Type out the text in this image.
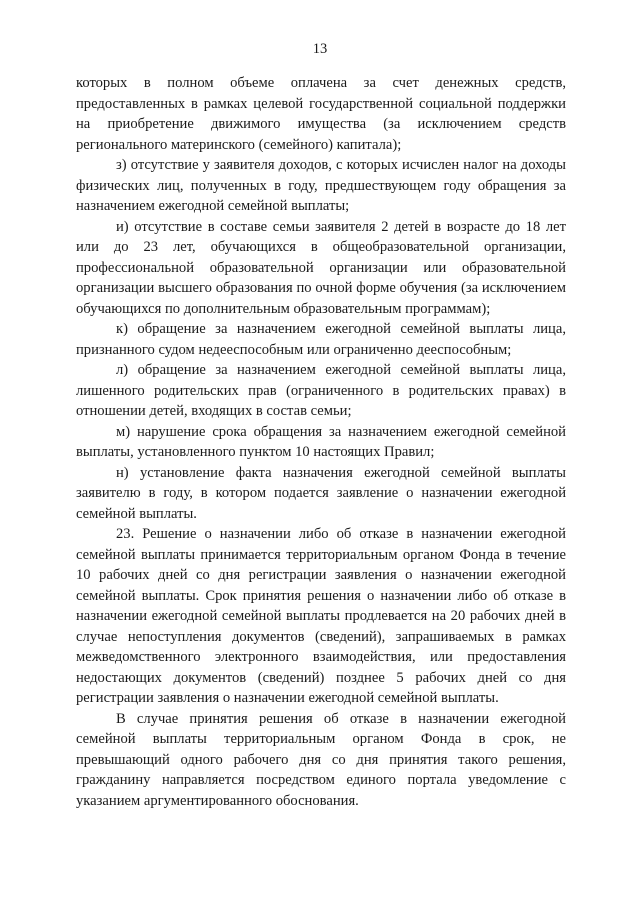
13

которых в полном объеме оплачена за счет денежных средств, предоставленных в рамках целевой государственной социальной поддержки на приобретение движимого имущества (за исключением средств регионального материнского (семейного) капитала);

з) отсутствие у заявителя доходов, с которых исчислен налог на доходы физических лиц, полученных в году, предшествующем году обращения за назначением ежегодной семейной выплаты;

и) отсутствие в составе семьи заявителя 2 детей в возрасте до 18 лет или до 23 лет, обучающихся в общеобразовательной организации, профессиональной образовательной организации или образовательной организации высшего образования по очной форме обучения (за исключением обучающихся по дополнительным образовательным программам);

к) обращение за назначением ежегодной семейной выплаты лица, признанного судом недееспособным или ограниченно дееспособным;

л) обращение за назначением ежегодной семейной выплаты лица, лишенного родительских прав (ограниченного в родительских правах) в отношении детей, входящих в состав семьи;

м) нарушение срока обращения за назначением ежегодной семейной выплаты, установленного пунктом 10 настоящих Правил;

н) установление факта назначения ежегодной семейной выплаты заявителю в году, в котором подается заявление о назначении ежегодной семейной выплаты.

23. Решение о назначении либо об отказе в назначении ежегодной семейной выплаты принимается территориальным органом Фонда в течение 10 рабочих дней со дня регистрации заявления о назначении ежегодной семейной выплаты. Срок принятия решения о назначении либо об отказе в назначении ежегодной семейной выплаты продлевается на 20 рабочих дней в случае непоступления документов (сведений), запрашиваемых в рамках межведомственного электронного взаимодействия, или предоставления недостающих документов (сведений) позднее 5 рабочих дней со дня регистрации заявления о назначении ежегодной семейной выплаты.

В случае принятия решения об отказе в назначении ежегодной семейной выплаты территориальным органом Фонда в срок, не превышающий одного рабочего дня со дня принятия такого решения, гражданину направляется посредством единого портала уведомление с указанием аргументированного обоснования.
